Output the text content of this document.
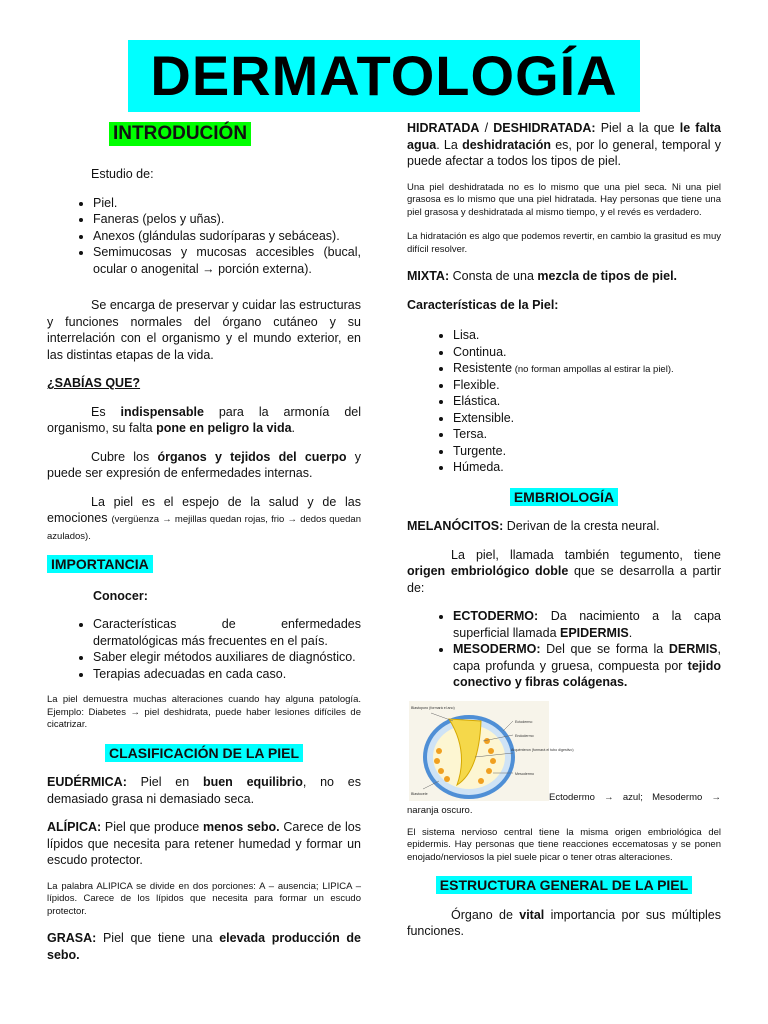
DERMATOLOGÍA
INTRODUCIÓN

Estudio de:

• Piel.
• Faneras (pelos y uñas).
• Anexos (glándulas sudoríparas y sebáceas).
• Semimucosas y mucosas accesibles (bucal, ocular o anogenital → porción externa).

Se encarga de preservar y cuidar las estructuras y funciones normales del órgano cutáneo y su interrelación con el organismo y el mundo exterior, en las distintas etapas de la vida.

¿SABÍAS QUE?

Es indispensable para la armonía del organismo, su falta pone en peligro la vida.

Cubre los órganos y tejidos del cuerpo y puede ser expresión de enfermedades internas.

La piel es el espejo de la salud y de las emociones (vergüenza → mejillas quedan rojas, frio → dedos quedan azulados).

IMPORTANCIA

Conocer:

• Características de enfermedades dermatológicas más frecuentes en el país.
• Saber elegir métodos auxiliares de diagnóstico.
• Terapias adecuadas en cada caso.

La piel demuestra muchas alteraciones cuando hay alguna patología. Ejemplo: Diabetes → piel deshidrata, puede haber lesiones difíciles de cicatrizar.

CLASIFICACIÓN DE LA PIEL

EUDÉRMICA: Piel en buen equilibrio, no es demasiado grasa ni demasiado seca.

ALÍPICA: Piel que produce menos sebo. Carece de los lípidos que necesita para retener humedad y formar un escudo protector.

La palabra ALIPICA se divide en dos porciones: A – ausencia; LIPICA – lípidos. Carece de los lípidos que necesita para formar un escudo protector.

GRASA: Piel que tiene una elevada producción de sebo.

HIDRATADA / DESHIDRATADA: Piel a la que le falta agua. La deshidratación es, por lo general, temporal y puede afectar a todos los tipos de piel.

Una piel deshidratada no es lo mismo que una piel seca. Ni una piel grasosa es lo mismo que una piel hidratada. Hay personas que tiene una piel grasosa y deshidratada al mismo tiempo, y el revés es verdadero.

La hidratación es algo que podemos revertir, en cambio la grasitud es muy difícil resolver.

MIXTA: Consta de una mezcla de tipos de piel.

Características de la Piel:

• Lisa.
• Continua.
• Resistente (no forman ampollas al estirar la piel).
• Flexible.
• Elástica.
• Extensible.
• Tersa.
• Turgente.
• Húmeda.

EMBRIOLOGÍA

MELANÓCITOS: Derivan de la cresta neural.

La piel, llamada también tegumento, tiene origen embriológico doble que se desarrolla a partir de:

• ECTODERMO: Da nacimiento a la capa superficial llamada EPIDERMIS.
• MESODERMO: Del que se forma la DERMIS, capa profunda y gruesa, compuesta por tejido conectivo y fibras colágenas.
Blastoporo (formará el ano)
Ectodermo
Endodermo
Arquénteron (formará el tubo digestivo)
Mesodermo
Blastocele	Ectodermo → azul; Mesodermo → naranja oscuro.

El sistema nervioso central tiene la misma origen embriológica del epidermis. Hay personas que tiene reacciones eccematosas y se ponen enojado/nerviosos la piel suele picar o tener otras alteraciones.

ESTRUCTURA GENERAL DE LA PIEL

Órgano de vital importancia por sus múltiples funciones.
